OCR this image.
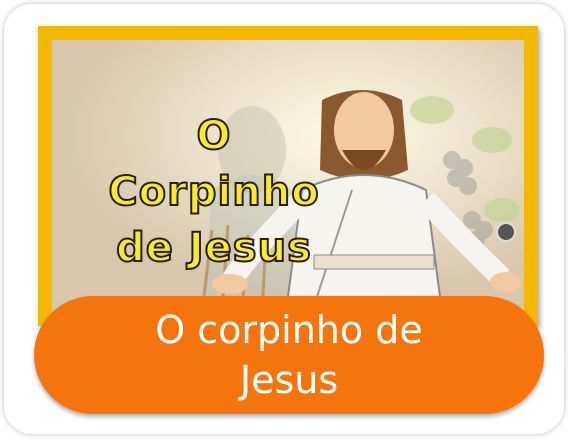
O Corpinho de Jesus
O corpinho de Jesus
